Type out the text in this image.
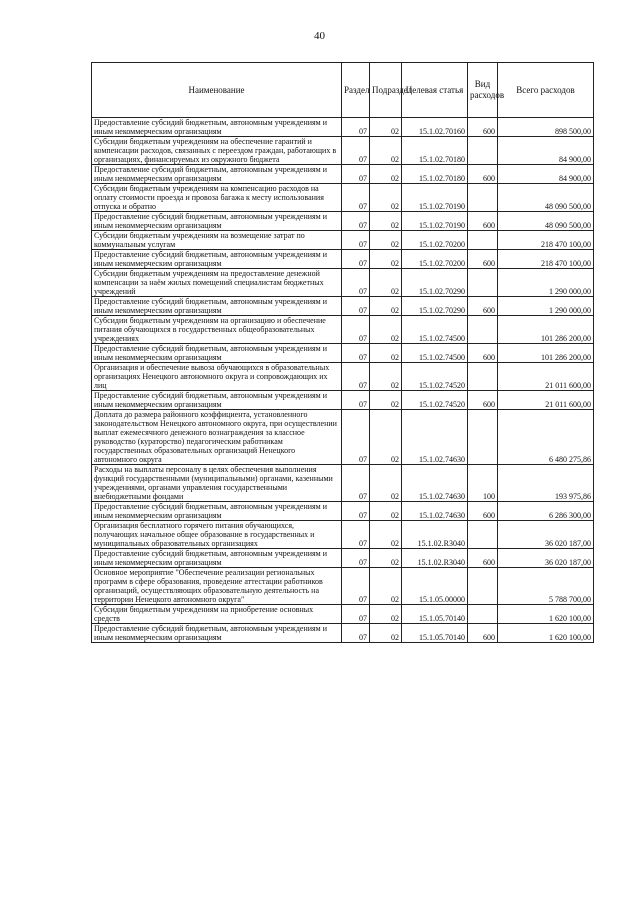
40
Наименование	Раздел	Подраздел	Целевая статья	Вид расходов	Всего расходов
Предоставление субсидий бюджетным, автономным учреждениям и иным некоммерческим организациям	07	02	15.1.02.70160	600	898 500,00
Субсидии бюджетным учреждениям на обеспечение гарантий и компенсации расходов, связанных с переездом граждан, работающих в организациях, финансируемых из окружного бюджета	07	02	15.1.02.70180		84 900,00
Предоставление субсидий бюджетным, автономным учреждениям и иным некоммерческим организациям	07	02	15.1.02.70180	600	84 900,00
Субсидии бюджетным учреждениям на компенсацию расходов на оплату стоимости проезда и провоза багажа к месту использования отпуска и обратно	07	02	15.1.02.70190		48 090 500,00
Предоставление субсидий бюджетным, автономным учреждениям и иным некоммерческим организациям	07	02	15.1.02.70190	600	48 090 500,00
Субсидии бюджетным учреждениям на возмещение затрат по коммунальным услугам	07	02	15.1.02.70200		218 470 100,00
Предоставление субсидий бюджетным, автономным учреждениям и иным некоммерческим организациям	07	02	15.1.02.70200	600	218 470 100,00
Субсидии бюджетным учреждениям на предоставление денежной компенсации за наём жилых помещений специалистам бюджетных учреждений	07	02	15.1.02.70290		1 290 000,00
Предоставление субсидий бюджетным, автономным учреждениям и иным некоммерческим организациям	07	02	15.1.02.70290	600	1 290 000,00
Субсидии бюджетным учреждениям на организацию и обеспечение питания обучающихся в государственных общеобразовательных учреждениях	07	02	15.1.02.74500		101 286 200,00
Предоставление субсидий бюджетным, автономным учреждениям и иным некоммерческим организациям	07	02	15.1.02.74500	600	101 286 200,00
Организация и обеспечение вывоза обучающихся в образовательных организациях Ненецкого автономного округа и сопровождающих их лиц	07	02	15.1.02.74520		21 011 600,00
Предоставление субсидий бюджетным, автономным учреждениям и иным некоммерческим организациям	07	02	15.1.02.74520	600	21 011 600,00
Доплата до размера районного коэффициента, установленного законодательством Ненецкого автономного округа, при осуществлении выплат ежемесячного денежного вознаграждения за классное руководство (кураторство) педагогическим работникам государственных образовательных организаций Ненецкого автономного округа	07	02	15.1.02.74630		6 480 275,86
Расходы на выплаты персоналу в целях обеспечения выполнения функций государственными (муниципальными) органами, казенными учреждениями, органами управления государственными внебюджетными фондами	07	02	15.1.02.74630	100	193 975,86
Предоставление субсидий бюджетным, автономным учреждениям и иным некоммерческим организациям	07	02	15.1.02.74630	600	6 286 300,00
Организация бесплатного горячего питания обучающихся, получающих начальное общее образование в государственных и муниципальных образовательных организациях	07	02	15.1.02.R3040		36 020 187,00
Предоставление субсидий бюджетным, автономным учреждениям и иным некоммерческим организациям	07	02	15.1.02.R3040	600	36 020 187,00
Основное мероприятие "Обеспечение реализации региональных программ в сфере образования, проведение аттестации работников организаций, осуществляющих образовательную деятельность на территории Ненецкого автономного округа"	07	02	15.1.05.00000		5 788 700,00
Субсидии бюджетным учреждениям на приобретение основных средств	07	02	15.1.05.70140		1 620 100,00
Предоставление субсидий бюджетным, автономным учреждениям и иным некоммерческим организациям	07	02	15.1.05.70140	600	1 620 100,00
